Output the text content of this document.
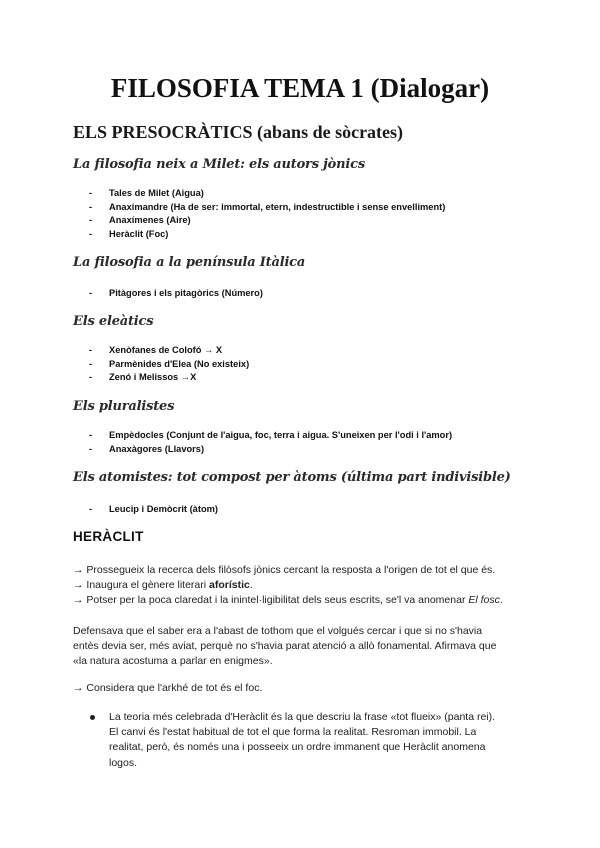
FILOSOFIA TEMA 1 (Dialogar)
ELS PRESOCRÀTICS (abans de sòcrates)
La filosofia neix a Milet: els autors jònics
- Tales de Milet (Aigua)
- Anaximandre (Ha de ser: immortal, etern, indestructible i sense envelliment)
- Anaxímenes (Aire)
- Heràclit (Foc)
La filosofia a la península Itàlica
- Pitàgores i els pitagòrics (Número)
Els eleàtics
- Xenòfanes de Colofó → X
- Parmènides d'Elea (No existeix)
- Zenó i Melissos →X
Els pluralistes
- Empèdocles (Conjunt de l'aigua, foc, terra i aigua. S'uneixen per l'odi i l'amor)
- Anaxàgores (Llavors)
Els atomistes: tot compost per àtoms (última part indivisible)
- Leucip i Demòcrit (àtom)
HERÀCLIT
→ Prossegueix la recerca dels filòsofs jònics cercant la resposta a l'origen de tot el que és.
→ Inaugura el gènere literari aforístic.
→ Potser per la poca claredat i la inintel·ligibilitat dels seus escrits, se'l va anomenar El fosc.
Defensava que el saber era a l'abast de tothom que el volgués cercar i que si no s'havia
entès devia ser, més aviat, perquè no s'havia parat atenció a allò fonamental. Afirmava que
«la natura acostuma a parlar en enigmes».
→ Considera que l'arkhé de tot és el foc.
La teoria més celebrada d'Heràclit és la que descriu la frase «tot flueix» (panta rei).
El canvi és l'estat habitual de tot el que forma la realitat. Resroman immobil. La
realitat, però, és només una i posseeix un ordre immanent que Heràclit anomena
logos.
